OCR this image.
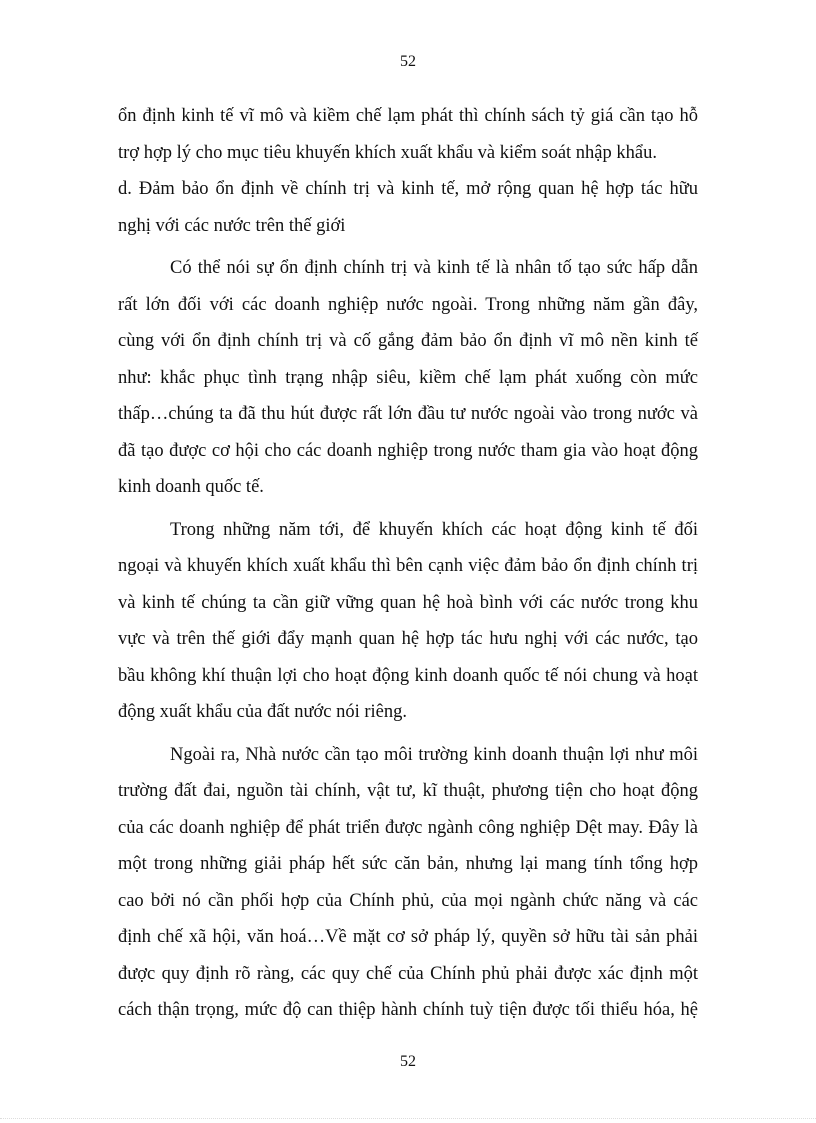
52
ổn định kinh tế vĩ mô và kiềm chế lạm phát thì chính sách tỷ giá cần tạo hỗ
trợ hợp lý cho mục tiêu khuyến khích xuất khẩu và kiểm soát nhập khẩu.
d. Đảm bảo ổn định về chính trị và kinh tế, mở rộng quan hệ hợp tác hữu
nghị với các nước trên thế giới
Có thể nói sự ổn định chính trị và kinh tế là nhân tố tạo sức hấp dẫn
rất lớn đối với các doanh nghiệp nước ngoài. Trong những năm gần đây,
cùng với ổn định chính trị và cố gắng đảm bảo ổn định vĩ mô nền kinh tế
như: khắc phục tình trạng nhập siêu, kiềm chế lạm phát xuống còn mức
thấp…chúng ta đã thu hút được rất lớn đầu tư nước ngoài vào trong nước và
đã tạo được cơ hội cho các doanh nghiệp trong nước tham gia vào hoạt động
kinh doanh quốc tế.
Trong những năm tới, để khuyến khích các hoạt động kinh tế đối
ngoại và khuyến khích xuất khẩu thì bên cạnh việc đảm bảo ổn định chính trị
và kinh tế chúng ta cần giữ vững quan hệ hoà bình với các nước trong khu
vực và trên thế giới đẩy mạnh quan hệ hợp tác hưu nghị với các nước, tạo
bầu không khí thuận lợi cho hoạt động kinh doanh quốc tế nói chung và hoạt
động xuất khẩu của đất nước nói riêng.
Ngoài ra, Nhà nước cần tạo môi trường kinh doanh thuận lợi như môi
trường đất đai, nguồn tài chính, vật tư, kĩ thuật, phương tiện cho hoạt động
của các doanh nghiệp để phát triển được ngành công nghiệp Dệt may. Đây là
một trong những giải pháp hết sức căn bản, nhưng lại mang tính tổng hợp
cao bởi nó cần phối hợp của Chính phủ, của mọi ngành chức năng và các
định chế xã hội, văn hoá…Về mặt cơ sở pháp lý, quyền sở hữu tài sản phải
được quy định rõ ràng, các quy chế của Chính phủ phải được xác định một
cách thận trọng, mức độ can thiệp hành chính tuỳ tiện được tối thiểu hóa, hệ
52
